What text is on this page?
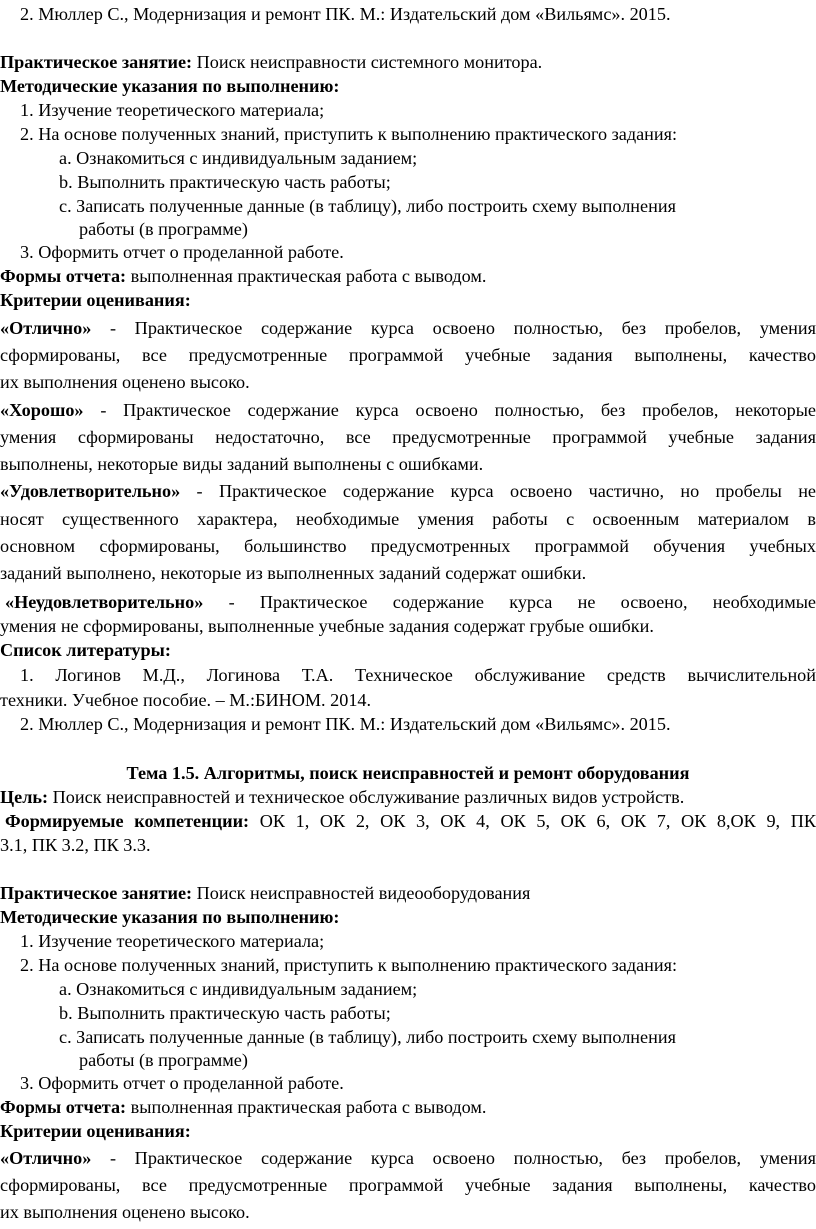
2. Мюллер С., Модернизация и ремонт ПК. М.: Издательский дом «Вильямс». 2015.
Практическое занятие: Поиск неисправности системного монитора.
Методические указания по выполнению:
1. Изучение теоретического материала;
2. На основе полученных знаний, приступить к выполнению практического задания:
a. Ознакомиться с индивидуальным заданием;
b. Выполнить практическую часть работы;
c. Записать полученные данные (в таблицу), либо построить схему выполнения
работы (в программе)
3. Оформить отчет о проделанной работе.
Формы отчета: выполненная практическая работа с выводом.
Критерии оценивания:
«Отлично» - Практическое содержание курса освоено полностью, без пробелов, умения
сформированы, все предусмотренные программой учебные задания выполнены, качество
их выполнения оценено высоко.
«Хорошо» - Практическое содержание курса освоено полностью, без пробелов, некоторые
умения сформированы недостаточно, все предусмотренные программой учебные задания
выполнены, некоторые виды заданий выполнены с ошибками.
«Удовлетворительно» - Практическое содержание курса освоено частично, но пробелы не
носят существенного характера, необходимые умения работы с освоенным материалом в
основном сформированы, большинство предусмотренных программой обучения учебных
заданий выполнено, некоторые из выполненных заданий содержат ошибки.
«Неудовлетворительно» - Практическое содержание курса не освоено, необходимые
умения не сформированы, выполненные учебные задания содержат грубые ошибки.
Список литературы:
1. Логинов М.Д., Логинова Т.А. Техническое обслуживание средств вычислительной
техники. Учебное пособие. – М.:БИНОМ. 2014.
2. Мюллер С., Модернизация и ремонт ПК. М.: Издательский дом «Вильямс». 2015.
Тема 1.5. Алгоритмы, поиск неисправностей и ремонт оборудования
Цель: Поиск неисправностей и техническое обслуживание различных видов устройств.
Формируемые компетенции: ОК 1, ОК 2, ОК 3, ОК 4, ОК 5, ОК 6, ОК 7, ОК 8,ОК 9, ПК
3.1, ПК 3.2, ПК 3.3.
Практическое занятие: Поиск неисправностей видеооборудования
Методические указания по выполнению:
1. Изучение теоретического материала;
2. На основе полученных знаний, приступить к выполнению практического задания:
a. Ознакомиться с индивидуальным заданием;
b. Выполнить практическую часть работы;
c. Записать полученные данные (в таблицу), либо построить схему выполнения
работы (в программе)
3. Оформить отчет о проделанной работе.
Формы отчета: выполненная практическая работа с выводом.
Критерии оценивания:
«Отлично» - Практическое содержание курса освоено полностью, без пробелов, умения
сформированы, все предусмотренные программой учебные задания выполнены, качество
их выполнения оценено высоко.
